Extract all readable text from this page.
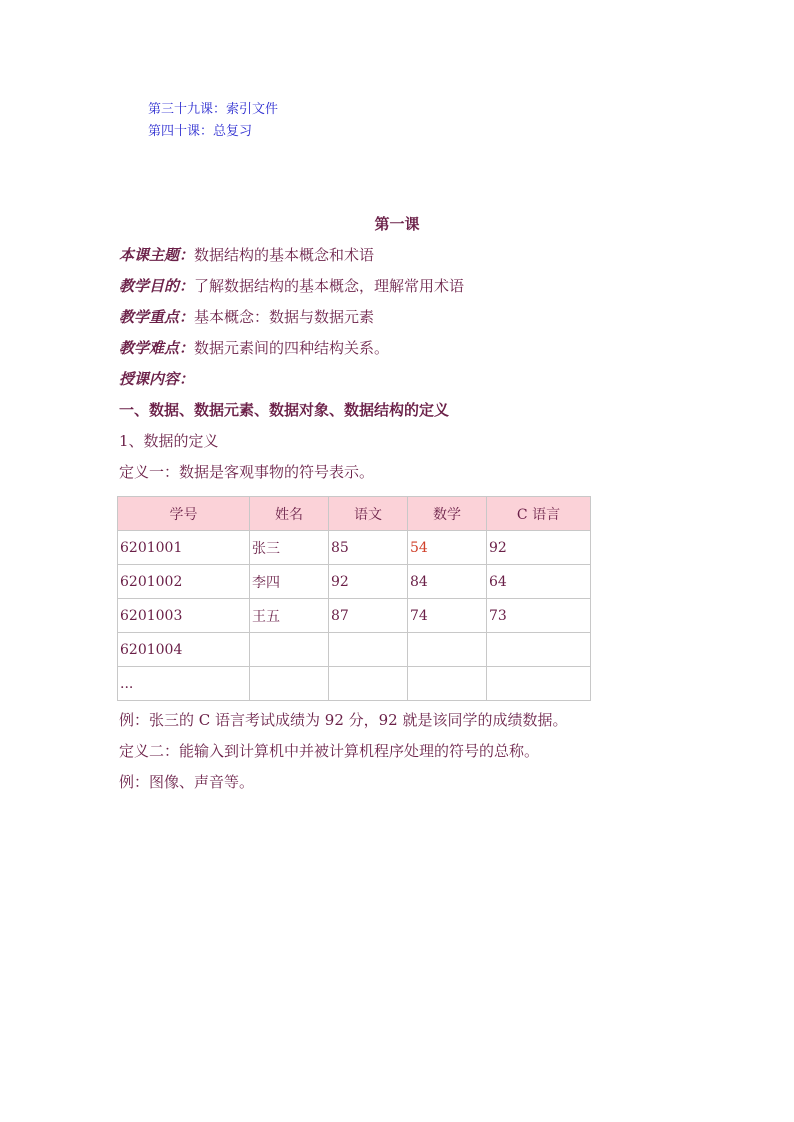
第三十九课：索引文件
第四十课：总复习
第一课
本课主题：数据结构的基本概念和术语
教学目的：了解数据结构的基本概念，理解常用术语
教学重点：基本概念：数据与数据元素
教学难点：数据元素间的四种结构关系。
授课内容：
一、数据、数据元素、数据对象、数据结构的定义
1、数据的定义
定义一：数据是客观事物的符号表示。
学号	姓名	语文	数学	C 语言
6201001	张三	85	54	92
6201002	李四	92	84	64
6201003	王五	87	74	73
6201004				
...				
例：张三的 C 语言考试成绩为 92 分，92 就是该同学的成绩数据。
定义二：能输入到计算机中并被计算机程序处理的符号的总称。
例：图像、声音等。
